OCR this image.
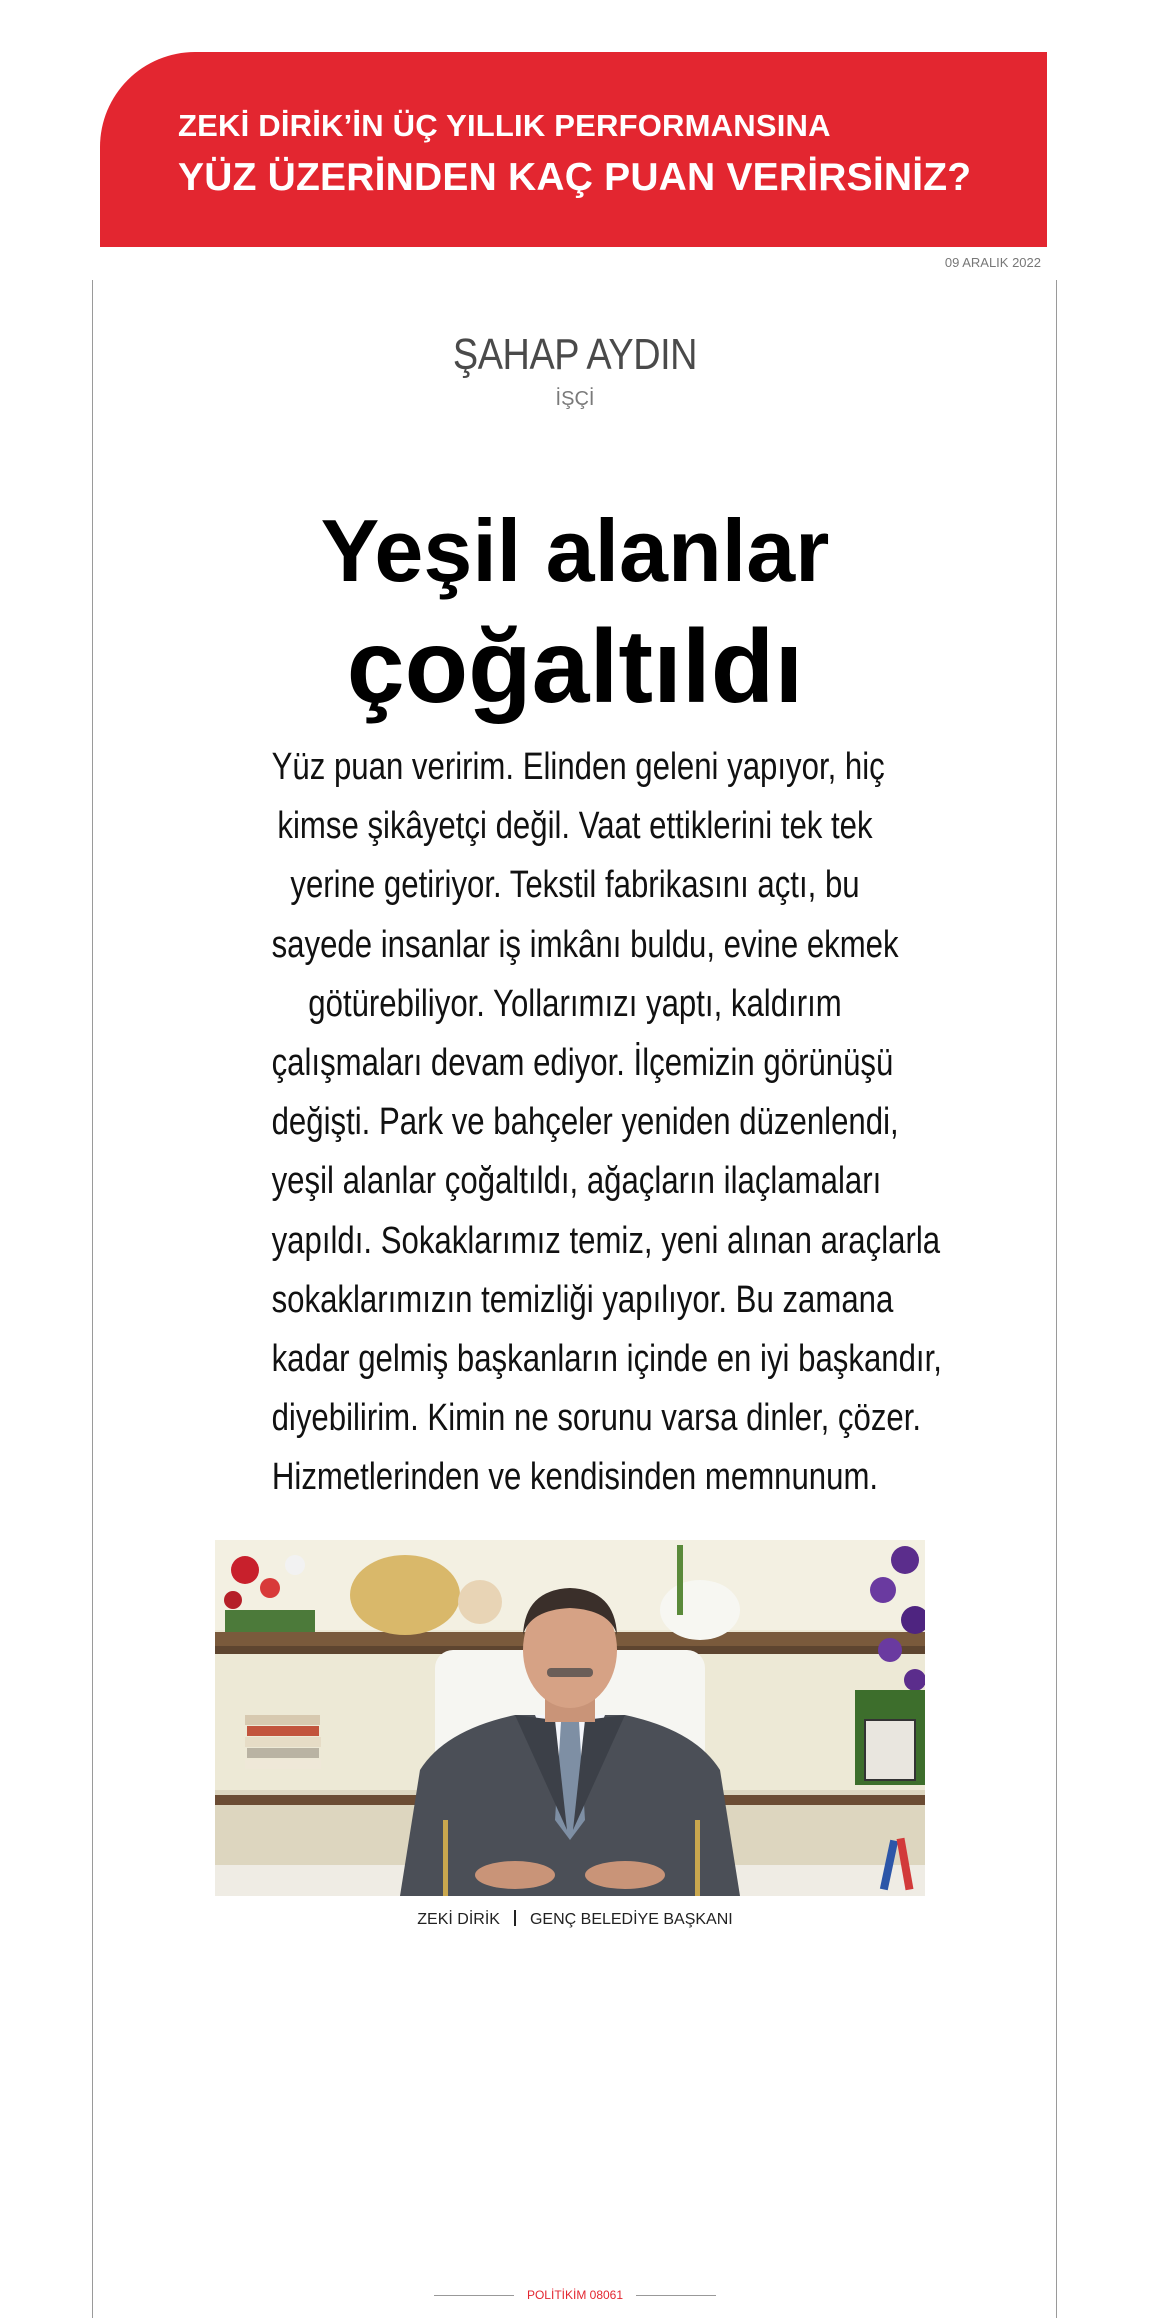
ZEKİ DİRİK’İN ÜÇ YILLIK PERFORMANSINA
YÜZ ÜZERİNDEN KAÇ PUAN VERİRSİNİZ?
09 ARALIK 2022
ŞAHAP AYDIN
İŞÇİ
Yeşil alanlar
çoğaltıldı
Yüz puan veririm. Elinden geleni yapıyor, hiç
kimse şikâyetçi değil. Vaat ettiklerini tek tek
yerine getiriyor. Tekstil fabrikasını açtı, bu
sayede insanlar iş imkânı buldu, evine ekmek
götürebiliyor. Yollarımızı yaptı, kaldırım
çalışmaları devam ediyor. İlçemizin görünüşü
değişti. Park ve bahçeler yeniden düzenlendi,
yeşil alanlar çoğaltıldı, ağaçların ilaçlamaları
yapıldı. Sokaklarımız temiz, yeni alınan araçlarla
sokaklarımızın temizliği yapılıyor. Bu zamana
kadar gelmiş başkanların içinde en iyi başkandır,
diyebilirim. Kimin ne sorunu varsa dinler, çözer.
Hizmetlerinden ve kendisinden memnunum.
ZEKİ DİRİK GENÇ BELEDİYE BAŞKANI
POLİTİKİM 08061
